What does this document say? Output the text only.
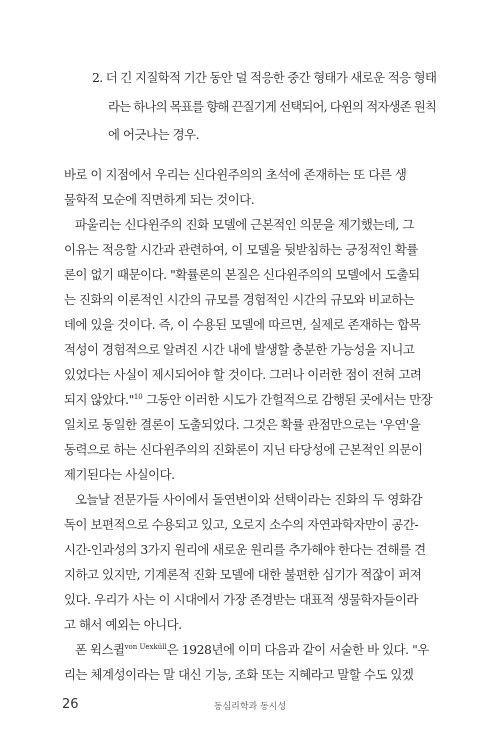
2. 더 긴 지질학적 기간 동안 덜 적응한 중간 형태가 새로운 적응 형태
라는 하나의 목표를 향해 끈질기게 선택되어, 다윈의 적자생존 원칙
에 어긋나는 경우.
바로 이 지점에서 우리는 신다윈주의의 초석에 존재하는 또 다른 생
물학적 모순에 직면하게 되는 것이다.
파울리는 신다윈주의 진화 모델에 근본적인 의문을 제기했는데, 그
이유는 적응할 시간과 관련하여, 이 모델을 뒷받침하는 긍정적인 확률
론이 없기 때문이다. "확률론의 본질은 신다윈주의의 모델에서 도출되
는 진화의 이론적인 시간의 규모를 경험적인 시간의 규모와 비교하는
데에 있을 것이다. 즉, 이 수용된 모델에 따르면, 실제로 존재하는 합목
적성이 경험적으로 알려진 시간 내에 발생할 충분한 가능성을 지니고
있었다는 사실이 제시되어야 할 것이다. 그러나 이러한 점이 전혀 고려
되지 않았다."$^{10}$ 그동안 이러한 시도가 간헐적으로 감행된 곳에서는 만장
일치로 동일한 결론이 도출되었다. 그것은 확률 관점만으로는 '우연'을
동력으로 하는 신다윈주의의 진화론이 지닌 타당성에 근본적인 의문이
제기된다는 사실이다.
오늘날 전문가들 사이에서 돌연변이와 선택이라는 진화의 두 영화감
독이 보편적으로 수용되고 있고, 오로지 소수의 자연과학자만이 공간-
시간-인과성의 3가지 원리에 새로운 원리를 추가해야 한다는 견해를 견
지하고 있지만, 기계론적 진화 모델에 대한 불편한 심기가 적잖이 퍼져
있다. 우리가 사는 이 시대에서 가장 존경받는 대표적 생물학자들이라
고 해서 예외는 아니다.
폰 윅스퀼$^{von Uexküll}$은 1928년에 이미 다음과 같이 서술한 바 있다. "우
리는 체계성이라는 말 대신 기능, 조화 또는 지혜라고 말할 수도 있겠
26	동심리학과 동시성
